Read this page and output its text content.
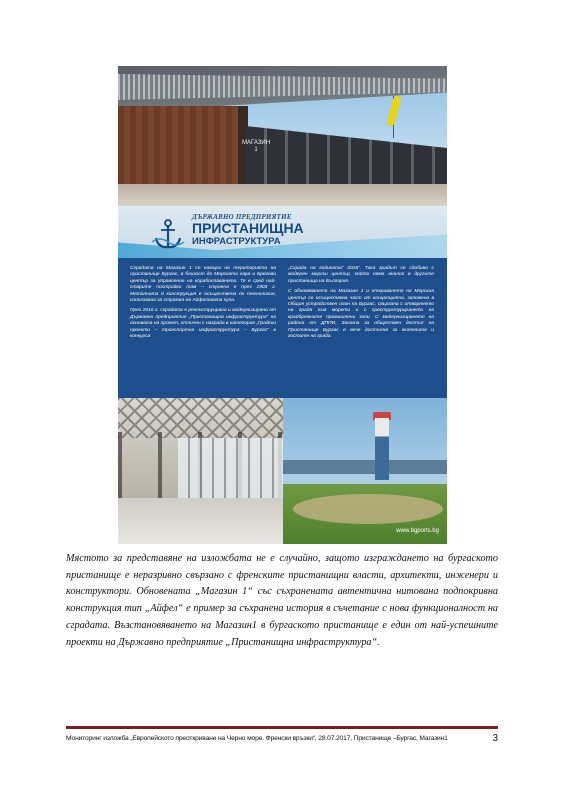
МАГАЗИН
1
ДЪРЖАВНО ПРЕДПРИЯТИЕ
ПРИСТАНИЩНА
ИНФРАСТРУКТУРА

Сградата на Магазин 1 се намира на територията на пристанище Бургас, в близост до Морската гара и Брегови център за управление на корабоплаването. Тя е сред най-старите постройки там – строена е през 1903 г. Металната й конструкция е осъществена по технология, използвана за строежа на Айфеловата кула.

През 2016 г. сградата е реконструирана и модернизирана от Държавно предприятие „Пристанищна инфраструктура“ на основата на проект, отличен с награда в категория „Градски проекти – транспортна инфраструктура – Бургас“ в конкурса

„Сграда на годината“ 2016“. Така градът се сдобива с модерен морски център, който няма аналог в другите пристанища на България.

С обновяването на Магазин 1 и откриването на Морския център се осъществява част от концепцията, заложена в Общия устройствен план на Бургас, свързана с отварянето на града към морето и с преструктурирането на крайбрежните промишлени зони. С модернизирането на района от ДППИ, Зоната за обществен достъп на Пристанище Бургас е вече достъпна за жителите и гостите на града.

www.bgports.bg

Мястото за представяне на изложбата не е случайно, защото изграждането на бургаското пристанище е неразривно свързано с френските пристанищни власти, архитекти, инженери и конструктори. Обновената „Магазин 1“ със съхранената автентична нитована подпокривна конструкция тип „Айфел“ е пример за съхранена история в съчетание с нова функционалност на сградата. Възстановяването на Магазин1 в бургаското пристанище е един от най-успешните проекти на Държавно предприятие „Пристанищна инфраструктура“.

Мониторинг изложба „Европейското преоткриване на Черно море. Френски връзки“, 28.07.2017, Пристанище –Бургас, Магазин1	3
